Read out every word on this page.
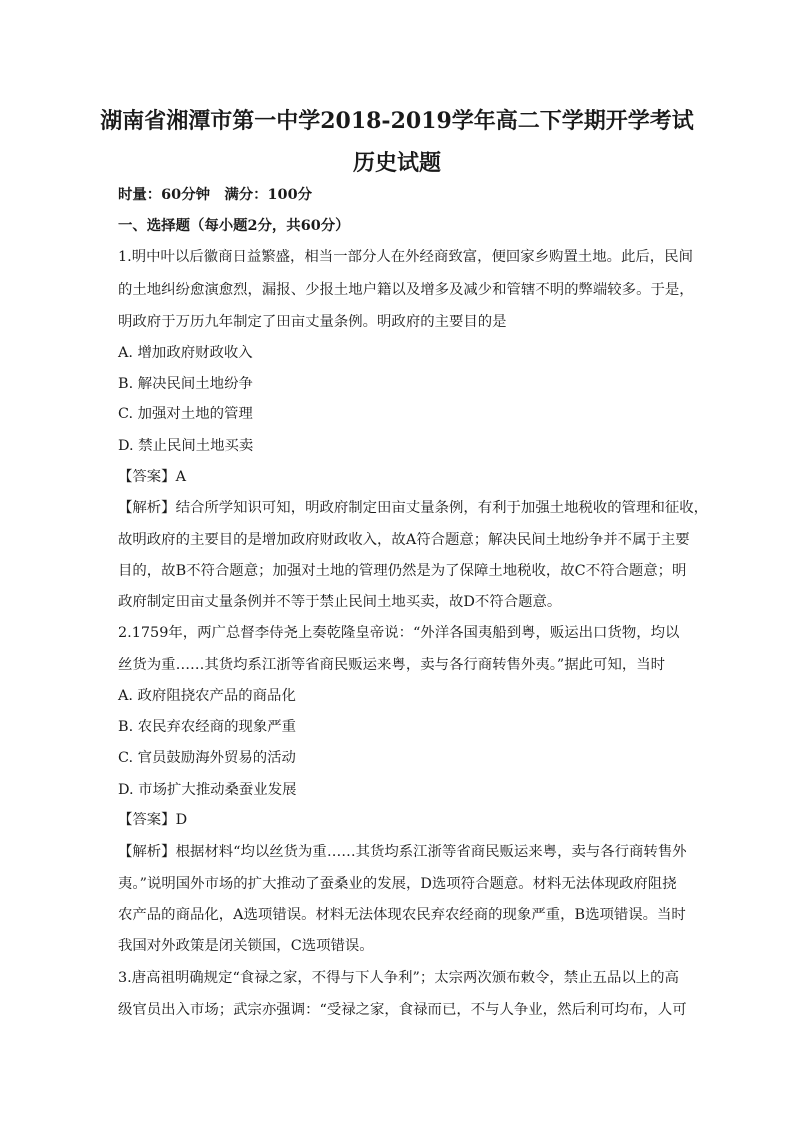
湖南省湘潭市第一中学2018-2019学年高二下学期开学考试
历史试题
时量：60分钟　满分：100分
一、选择题（每小题2分，共60分）
1.明中叶以后徽商日益繁盛，相当一部分人在外经商致富，便回家乡购置土地。此后，民间
的土地纠纷愈演愈烈，漏报、少报土地户籍以及增多及减少和管辖不明的弊端较多。于是，
明政府于万历九年制定了田亩丈量条例。明政府的主要目的是
A. 增加政府财政收入
B. 解决民间土地纷争
C. 加强对土地的管理
D. 禁止民间土地买卖
【答案】A
【解析】结合所学知识可知，明政府制定田亩丈量条例，有利于加强土地税收的管理和征收，
故明政府的主要目的是增加政府财政收入，故A符合题意；解决民间土地纷争并不属于主要
目的，故B不符合题意；加强对土地的管理仍然是为了保障土地税收，故C不符合题意；明
政府制定田亩丈量条例并不等于禁止民间土地买卖，故D不符合题意。
2.1759年，两广总督李侍尧上奏乾隆皇帝说：“外洋各国夷船到粤，贩运出口货物，均以
丝货为重……其货均系江浙等省商民贩运来粤，卖与各行商转售外夷。”据此可知，当时
A. 政府阻挠农产品的商品化
B. 农民弃农经商的现象严重
C. 官员鼓励海外贸易的活动
D. 市场扩大推动桑蚕业发展
【答案】D
【解析】根据材料“均以丝货为重……其货均系江浙等省商民贩运来粤，卖与各行商转售外
夷。”说明国外市场的扩大推动了蚕桑业的发展，D选项符合题意。材料无法体现政府阻挠
农产品的商品化，A选项错误。材料无法体现农民弃农经商的现象严重，B选项错误。当时
我国对外政策是闭关锁国，C选项错误。
3.唐高祖明确规定“食禄之家，不得与下人争利”；太宗两次颁布敕令，禁止五品以上的高
级官员出入市场；武宗亦强调：“受禄之家，食禄而已，不与人争业，然后利可均布，人可
